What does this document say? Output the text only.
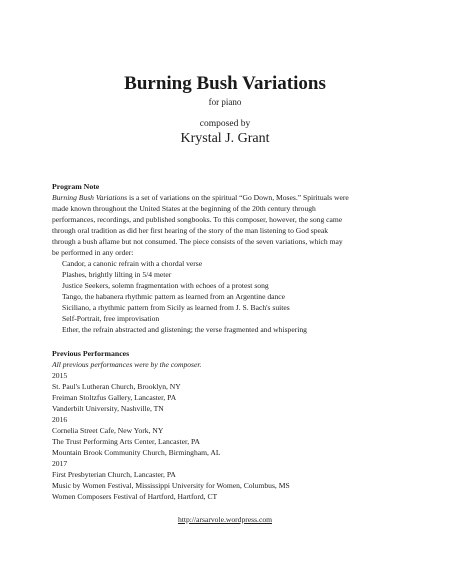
Burning Bush Variations
for piano
composed by
Krystal J. Grant
Program Note
Burning Bush Variations is a set of variations on the spiritual “Go Down, Moses.” Spirituals were
made known throughout the United States at the beginning of the 20th century through
performances, recordings, and published songbooks. To this composer, however, the song came
through oral tradition as did her first hearing of the story of the man listening to God speak
through a bush aflame but not consumed. The piece consists of the seven variations, which may
be performed in any order:
Candor, a canonic refrain with a chordal verse
Plashes, brightly lilting in 5/4 meter
Justice Seekers, solemn fragmentation with echoes of a protest song
Tango, the habanera rhythmic pattern as learned from an Argentine dance
Siciliano, a rhythmic pattern from Sicily as learned from J. S. Bach's suites
Self-Portrait, free improvisation
Ether, the refrain abstracted and glistening; the verse fragmented and whispering
Previous Performances
All previous performances were by the composer.
2015
St. Paul's Lutheran Church, Brooklyn, NY
Freiman Stoltzfus Gallery, Lancaster, PA
Vanderbilt University, Nashville, TN
2016
Cornelia Street Cafe, New York, NY
The Trust Performing Arts Center, Lancaster, PA
Mountain Brook Community Church, Birmingham, AL
2017
First Presbyterian Church, Lancaster, PA
Music by Women Festival, Mississippi University for Women, Columbus, MS
Women Composers Festival of Hartford, Hartford, CT
http://arsarvole.wordpress.com
